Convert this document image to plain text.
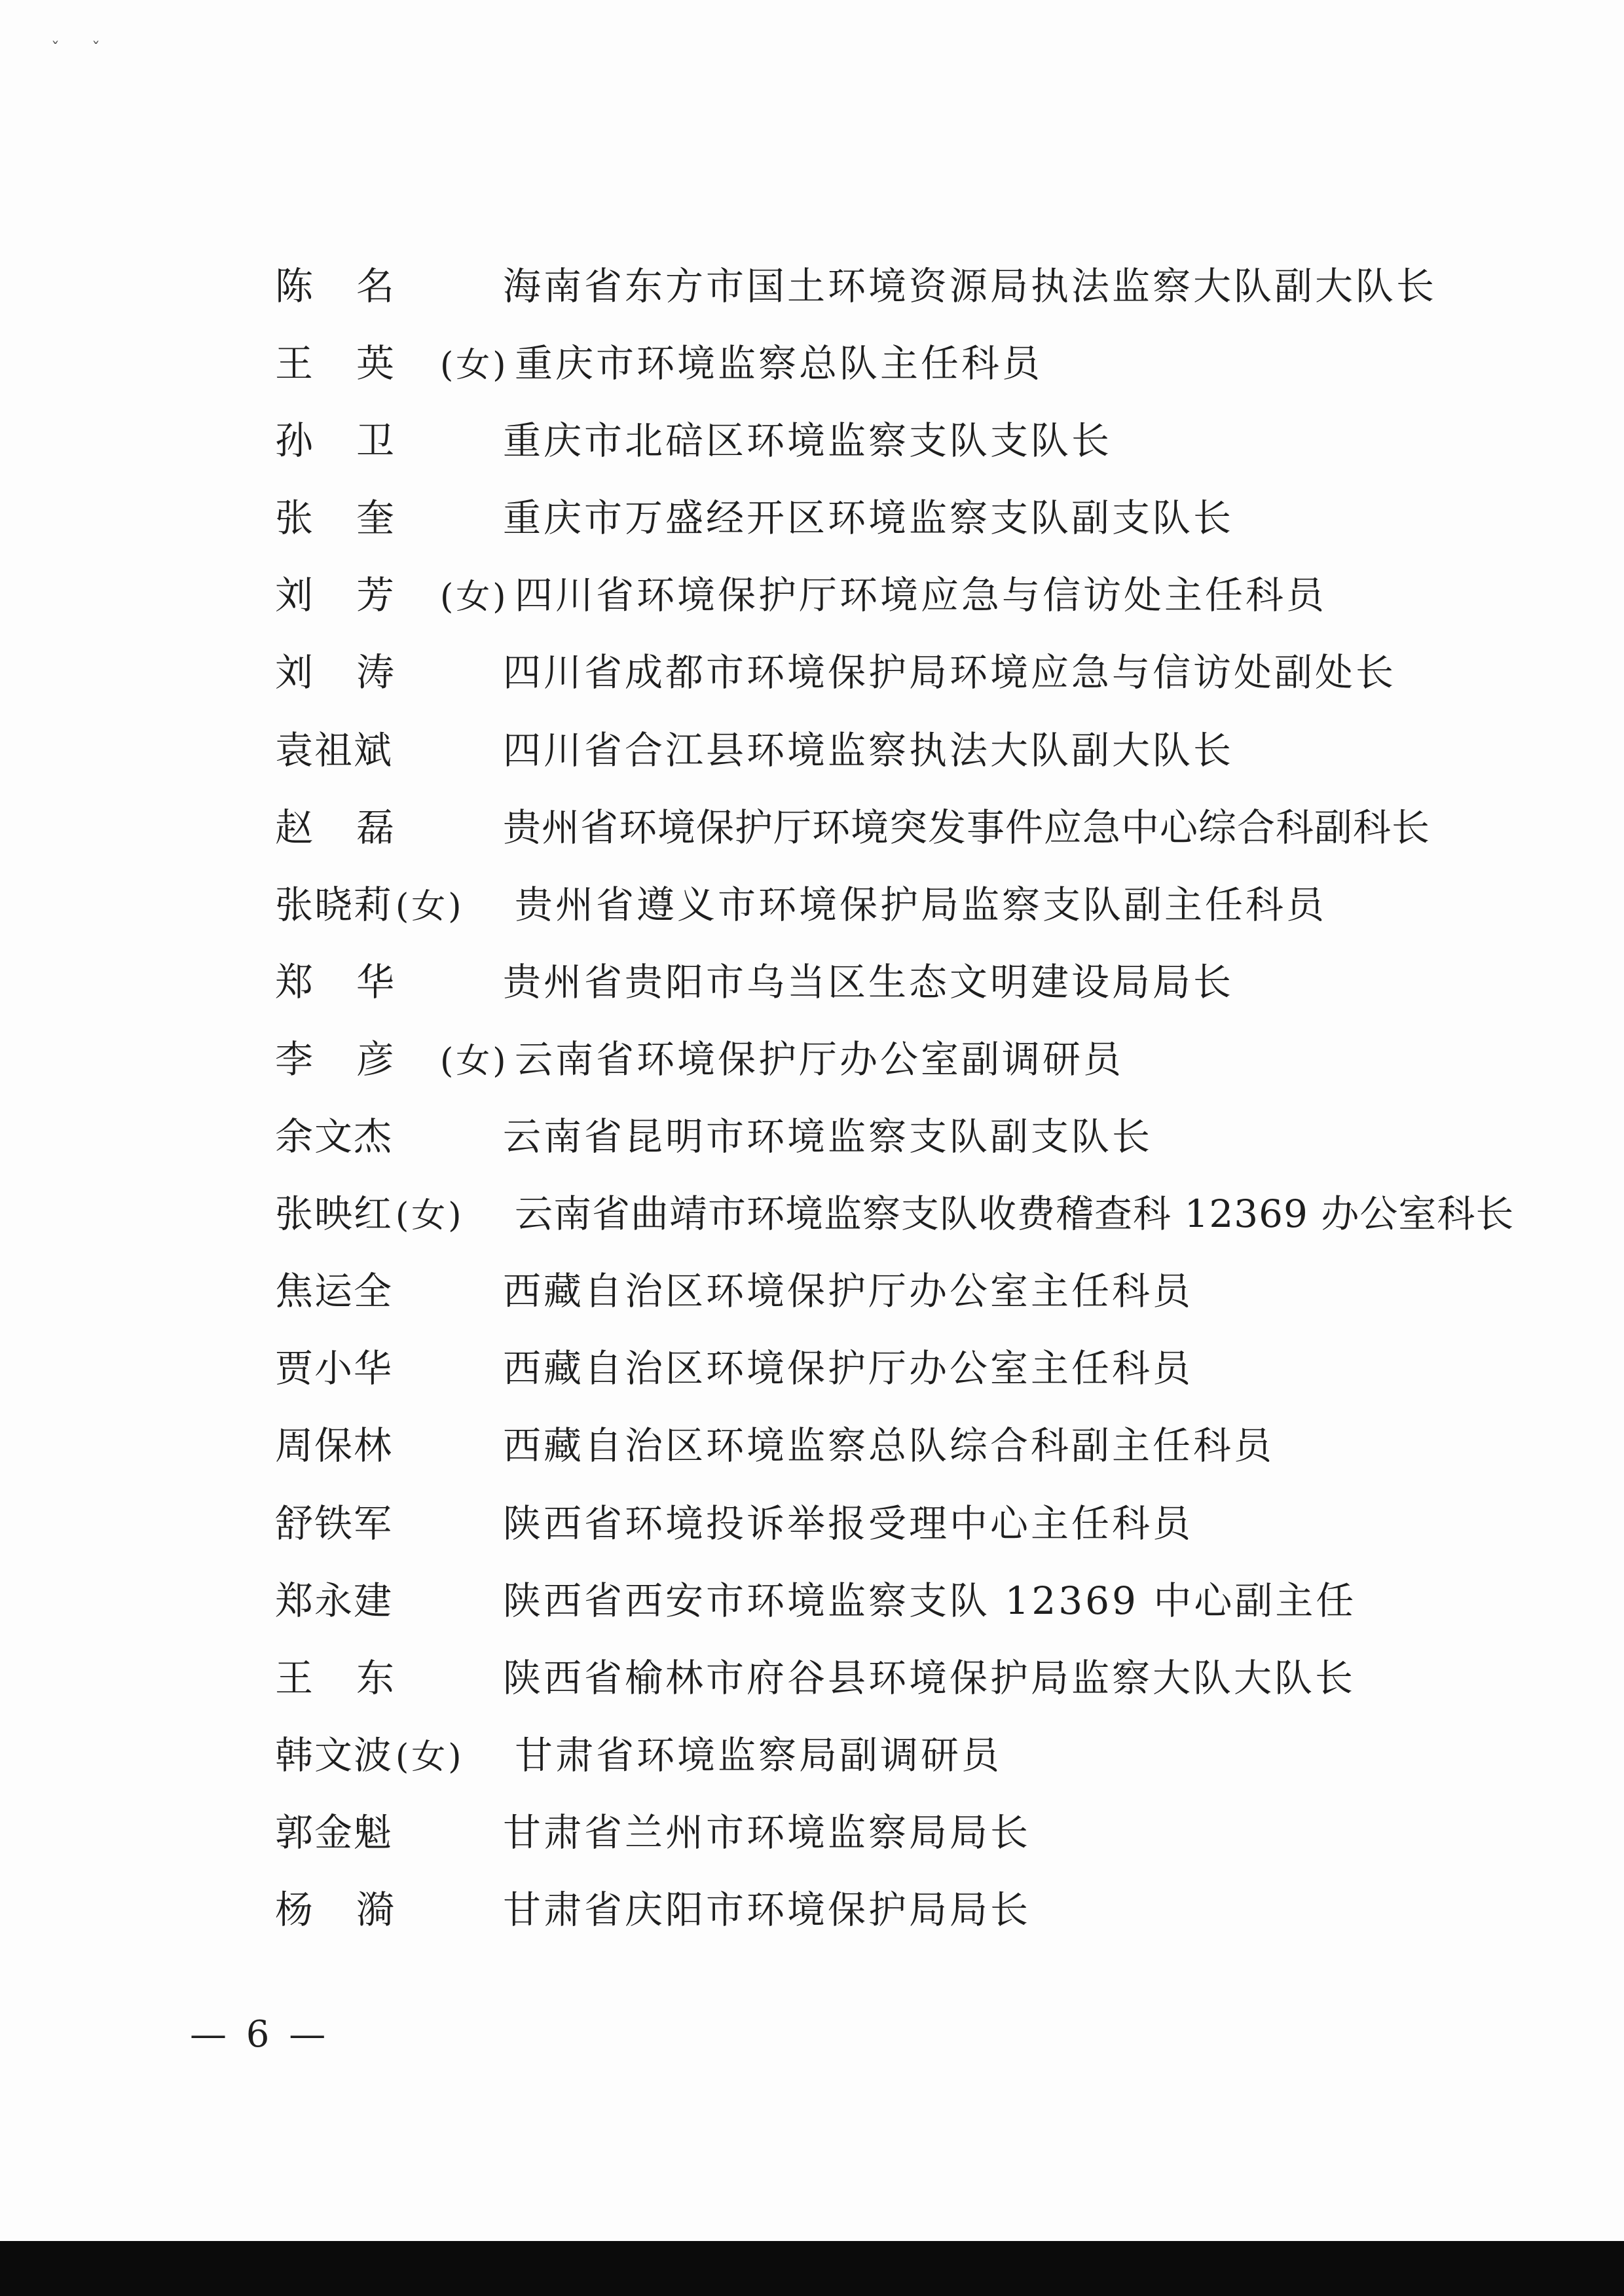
ˇ ˇ
陈名 海南省东方市国土环境资源局执法监察大队副大队长
王英(女) 重庆市环境监察总队主任科员
孙卫 重庆市北碚区环境监察支队支队长
张奎 重庆市万盛经开区环境监察支队副支队长
刘芳(女) 四川省环境保护厅环境应急与信访处主任科员
刘涛 四川省成都市环境保护局环境应急与信访处副处长
袁祖斌	四川省合江县环境监察执法大队副大队长
赵磊 贵州省环境保护厅环境突发事件应急中心综合科副科长
张晓莉(女) 贵州省遵义市环境保护局监察支队副主任科员
郑华 贵州省贵阳市乌当区生态文明建设局局长
李彦(女) 云南省环境保护厅办公室副调研员
余文杰	云南省昆明市环境监察支队副支队长
张映红(女) 云南省曲靖市环境监察支队收费稽查科 12369 办公室科长
焦运全	西藏自治区环境保护厅办公室主任科员
贾小华	西藏自治区环境保护厅办公室主任科员
周保林	西藏自治区环境监察总队综合科副主任科员
舒铁军	陕西省环境投诉举报受理中心主任科员
郑永建	陕西省西安市环境监察支队 12369 中心副主任
王东 陕西省榆林市府谷县环境保护局监察大队大队长
韩文波(女) 甘肃省环境监察局副调研员
郭金魁	甘肃省兰州市环境监察局局长
杨漪 甘肃省庆阳市环境保护局局长
— 6 —
